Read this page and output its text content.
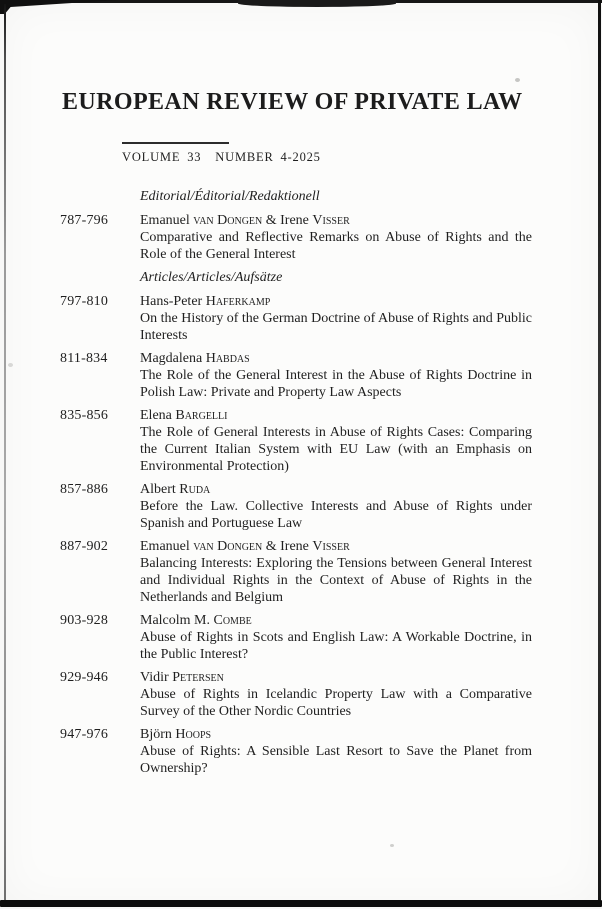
EUROPEAN REVIEW OF PRIVATE LAW
VOLUME 33 NUMBER 4-2025
Editorial/Éditorial/Redaktionell
787-796	Emanuel van Dongen & Irene Visser
Comparative and Reflective Remarks on Abuse of Rights and the Role of the General Interest
Articles/Articles/Aufsätze
797-810	Hans-Peter Haferkamp
On the History of the German Doctrine of Abuse of Rights and Public Interests
811-834	Magdalena Habdas
The Role of the General Interest in the Abuse of Rights Doctrine in Polish Law: Private and Property Law Aspects
835-856	Elena Bargelli
The Role of General Interests in Abuse of Rights Cases: Comparing the Current Italian System with EU Law (with an Emphasis on Environmental Protection)
857-886	Albert Ruda
Before the Law. Collective Interests and Abuse of Rights under Spanish and Portuguese Law
887-902	Emanuel van Dongen & Irene Visser
Balancing Interests: Exploring the Tensions between General Interest and Individual Rights in the Context of Abuse of Rights in the Netherlands and Belgium
903-928	Malcolm M. Combe
Abuse of Rights in Scots and English Law: A Workable Doctrine, in the Public Interest?
929-946	Vidir Petersen
Abuse of Rights in Icelandic Property Law with a Comparative Survey of the Other Nordic Countries
947-976	Björn Hoops
Abuse of Rights: A Sensible Last Resort to Save the Planet from Ownership?
